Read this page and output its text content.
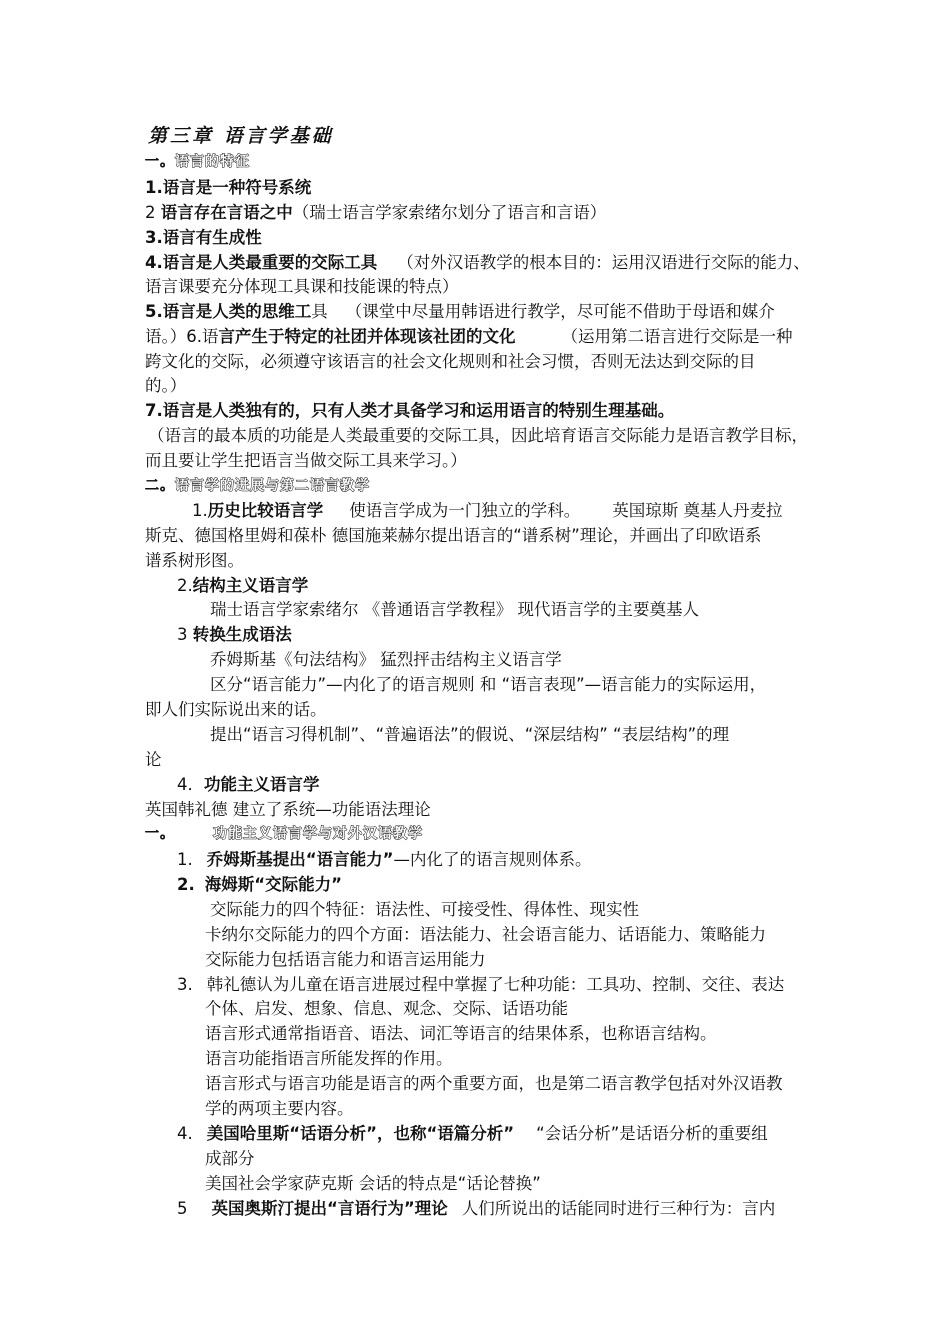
第三章 语言学基础
一。语言的特征
1.语言是一种符号系统
2 语言存在言语之中（瑞士语言学家索绪尔划分了语言和言语）
3.语言有生成性
4.语言是人类最重要的交际工具 （对外汉语教学的根本目的：运用汉语进行交际的能力、
语言课要充分体现工具课和技能课的特点）
5.语言是人类的思维工具 （课堂中尽量用韩语进行教学，尽可能不借助于母语和媒介
语。）6.语言产生于特定的社团并体现该社团的文化	（运用第二语言进行交际是一种
跨文化的交际，必须遵守该语言的社会文化规则和社会习惯，否则无法达到交际的目
的。）
7.语言是人类独有的，只有人类才具备学习和运用语言的特别生理基础。
（语言的最本质的功能是人类最重要的交际工具，因此培育语言交际能力是语言教学目标，
而且要让学生把语言当做交际工具来学习。）
二。语言学的进展与第二语言教学
1.历史比较语言学 使语言学成为一门独立的学科。 英国琼斯 奠基人丹麦拉
斯克、德国格里姆和葆朴 德国施莱赫尔提出语言的“谱系树”理论，并画出了印欧语系
谱系树形图。
2.结构主义语言学
瑞士语言学家索绪尔 《普通语言学教程》 现代语言学的主要奠基人
3 转换生成语法
乔姆斯基《句法结构》 猛烈抨击结构主义语言学
区分“语言能力”—内化了的语言规则 和 “语言表现”—语言能力的实际运用，
即人们实际说出来的话。
提出“语言习得机制”、“普遍语法”的假说、“深层结构” “表层结构”的理
论
4．功能主义语言学
英国韩礼德 建立了系统—功能语法理论
一。	功能主义语言学与对外汉语教学
1. 乔姆斯基提出“语言能力”—内化了的语言规则体系。
2. 海姆斯“交际能力”
交际能力的四个特征：语法性、可接受性、得体性、现实性
卡纳尔交际能力的四个方面：语法能力、社会语言能力、话语能力、策略能力
交际能力包括语言能力和语言运用能力
3. 韩礼德认为儿童在语言进展过程中掌握了七种功能：工具功、控制、交往、表达
个体、启发、想象、信息、观念、交际、话语功能
语言形式通常指语音、语法、词汇等语言的结果体系，也称语言结构。
语言功能指语言所能发挥的作用。
语言形式与语言功能是语言的两个重要方面，也是第二语言教学包括对外汉语教
学的两项主要内容。
4. 美国哈里斯“话语分析”，也称“语篇分析” “会话分析”是话语分析的重要组
成部分
美国社会学家萨克斯 会话的特点是“话论替换”
5 英国奥斯汀提出“言语行为”理论 人们所说出的话能同时进行三种行为：言内
